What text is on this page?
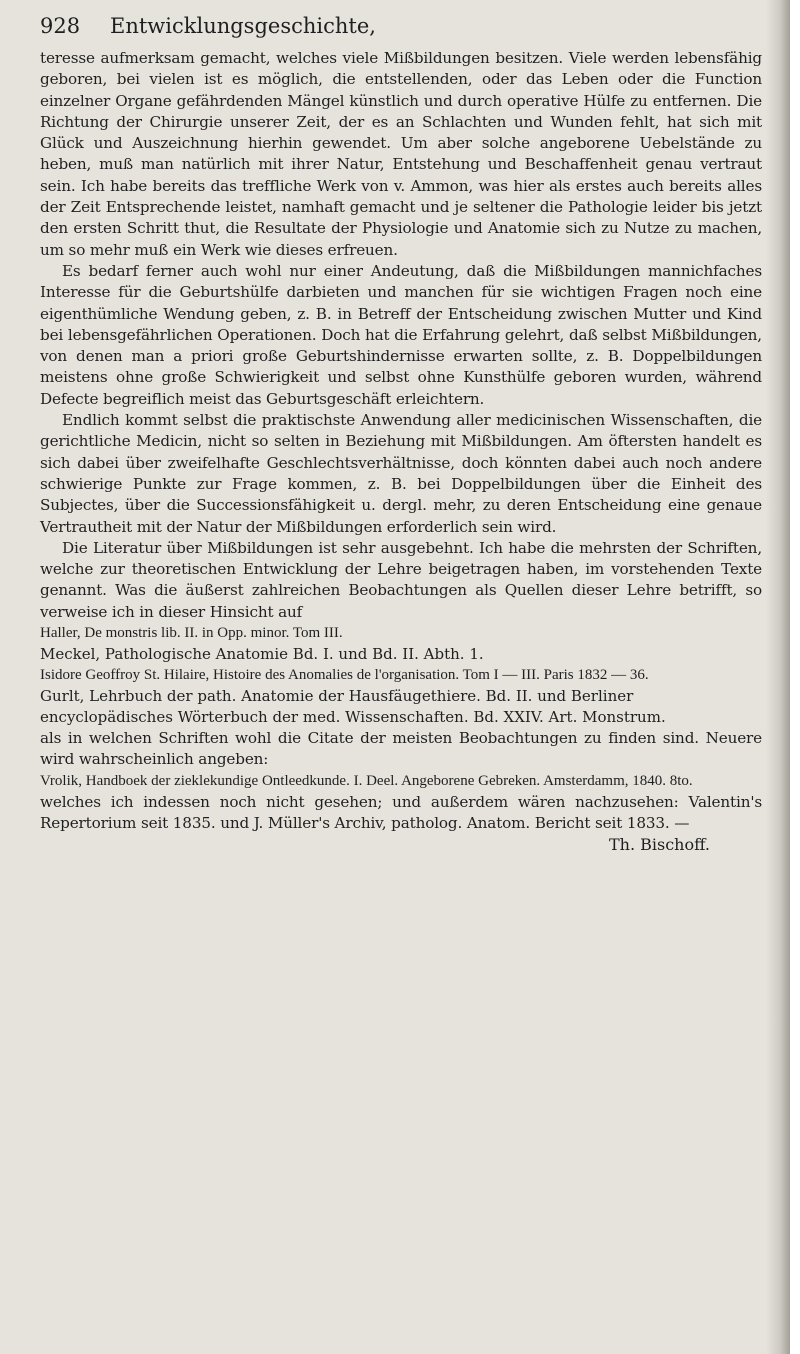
928	Entwicklungsgeschichte,

teresse aufmerksam gemacht, welches viele Mißbildungen besitzen. Viele werden lebensfähig geboren, bei vielen ist es möglich, die entstellenden, oder das Leben oder die Function einzelner Organe gefährdenden Mängel künstlich und durch operative Hülfe zu entfernen. Die Richtung der Chirurgie unserer Zeit, der es an Schlachten und Wunden fehlt, hat sich mit Glück und Auszeichnung hierhin gewendet. Um aber solche angeborene Uebelstände zu heben, muß man natürlich mit ihrer Natur, Entstehung und Beschaffenheit genau vertraut sein. Ich habe bereits das treffliche Werk von v. Ammon, was hier als erstes auch bereits alles der Zeit Entsprechende leistet, namhaft gemacht und je seltener die Pathologie leider bis jetzt den ersten Schritt thut, die Resultate der Physiologie und Anatomie sich zu Nutze zu machen, um so mehr muß ein Werk wie dieses erfreuen.

Es bedarf ferner auch wohl nur einer Andeutung, daß die Mißbildungen mannichfaches Interesse für die Geburtshülfe darbieten und manchen für sie wichtigen Fragen noch eine eigenthümliche Wendung geben, z. B. in Betreff der Entscheidung zwischen Mutter und Kind bei lebensgefährlichen Operationen. Doch hat die Erfahrung gelehrt, daß selbst Mißbildungen, von denen man a priori große Geburtshindernisse erwarten sollte, z. B. Doppelbildungen meistens ohne große Schwierigkeit und selbst ohne Kunsthülfe geboren wurden, während Defecte begreiflich meist das Geburtsgeschäft erleichtern.

Endlich kommt selbst die praktischste Anwendung aller medicinischen Wissenschaften, die gerichtliche Medicin, nicht so selten in Beziehung mit Mißbildungen. Am öftersten handelt es sich dabei über zweifelhafte Geschlechtsverhältnisse, doch könnten dabei auch noch andere schwierige Punkte zur Frage kommen, z. B. bei Doppelbildungen über die Einheit des Subjectes, über die Successionsfähigkeit u. dergl. mehr, zu deren Entscheidung eine genaue Vertrautheit mit der Natur der Mißbildungen erforderlich sein wird.

Die Literatur über Mißbildungen ist sehr ausgebehnt. Ich habe die mehrsten der Schriften, welche zur theoretischen Entwicklung der Lehre beigetragen haben, im vorstehenden Texte genannt. Was die äußerst zahlreichen Beobachtungen als Quellen dieser Lehre betrifft, so verweise ich in dieser Hinsicht auf

Haller, De monstris lib. II. in Opp. minor. Tom III.

Meckel, Pathologische Anatomie Bd. I. und Bd. II. Abth. 1.

Isidore Geoffroy St. Hilaire, Histoire des Anomalies de l'organisation. Tom I — III. Paris 1832 — 36.

Gurlt, Lehrbuch der path. Anatomie der Hausfäugethiere. Bd. II. und Berliner encyclopädisches Wörterbuch der med. Wissenschaften. Bd. XXIV. Art. Monstrum.

als in welchen Schriften wohl die Citate der meisten Beobachtungen zu finden sind. Neuere wird wahrscheinlich angeben:

Vrolik, Handboek der zieklekundige Ontleedkunde. I. Deel. Angeborene Gebreken. Amsterdamm, 1840. 8to.

welches ich indessen noch nicht gesehen; und außerdem wären nachzusehen: Valentin's Repertorium seit 1835. und J. Müller's Archiv, patholog. Anatom. Bericht seit 1833. —

Th. Bischoff.
